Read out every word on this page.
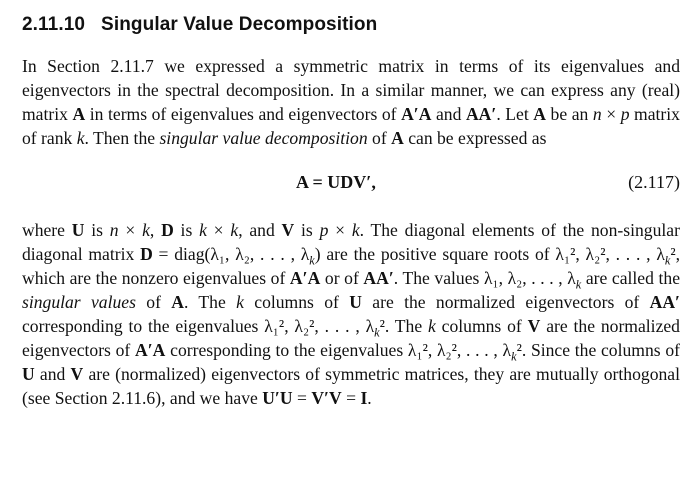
2.11.10 Singular Value Decomposition

In Section 2.11.7 we expressed a symmetric matrix in terms of its eigenvalues and eigenvectors in the spectral decomposition. In a similar manner, we can express any (real) matrix A in terms of eigenvalues and eigenvectors of A′A and AA′. Let A be an n × p matrix of rank k. Then the singular value decomposition of A can be expressed as

A = UDV′,	(2.117)

where U is n × k, D is k × k, and V is p × k. The diagonal elements of the non-singular diagonal matrix D = diag(λ₁, λ₂, . . . , $\lambda_k$) are the positive square roots of λ₁², λ₂², . . . , $\lambda_k^2$, which are the nonzero eigenvalues of A′A or of AA′. The values λ₁, λ₂, . . . , $\lambda_k$ are called the singular values of A. The k columns of U are the normalized eigenvectors of AA′ corresponding to the eigenvalues λ₁², λ₂², . . . , $\lambda_k^2$. The k columns of V are the normalized eigenvectors of A′A corresponding to the eigenvalues λ₁², λ₂², . . . , $\lambda_k^2$. Since the columns of U and V are (normalized) eigenvectors of symmetric matrices, they are mutually orthogonal (see Section 2.11.6), and we have U′U = V′V = I.
